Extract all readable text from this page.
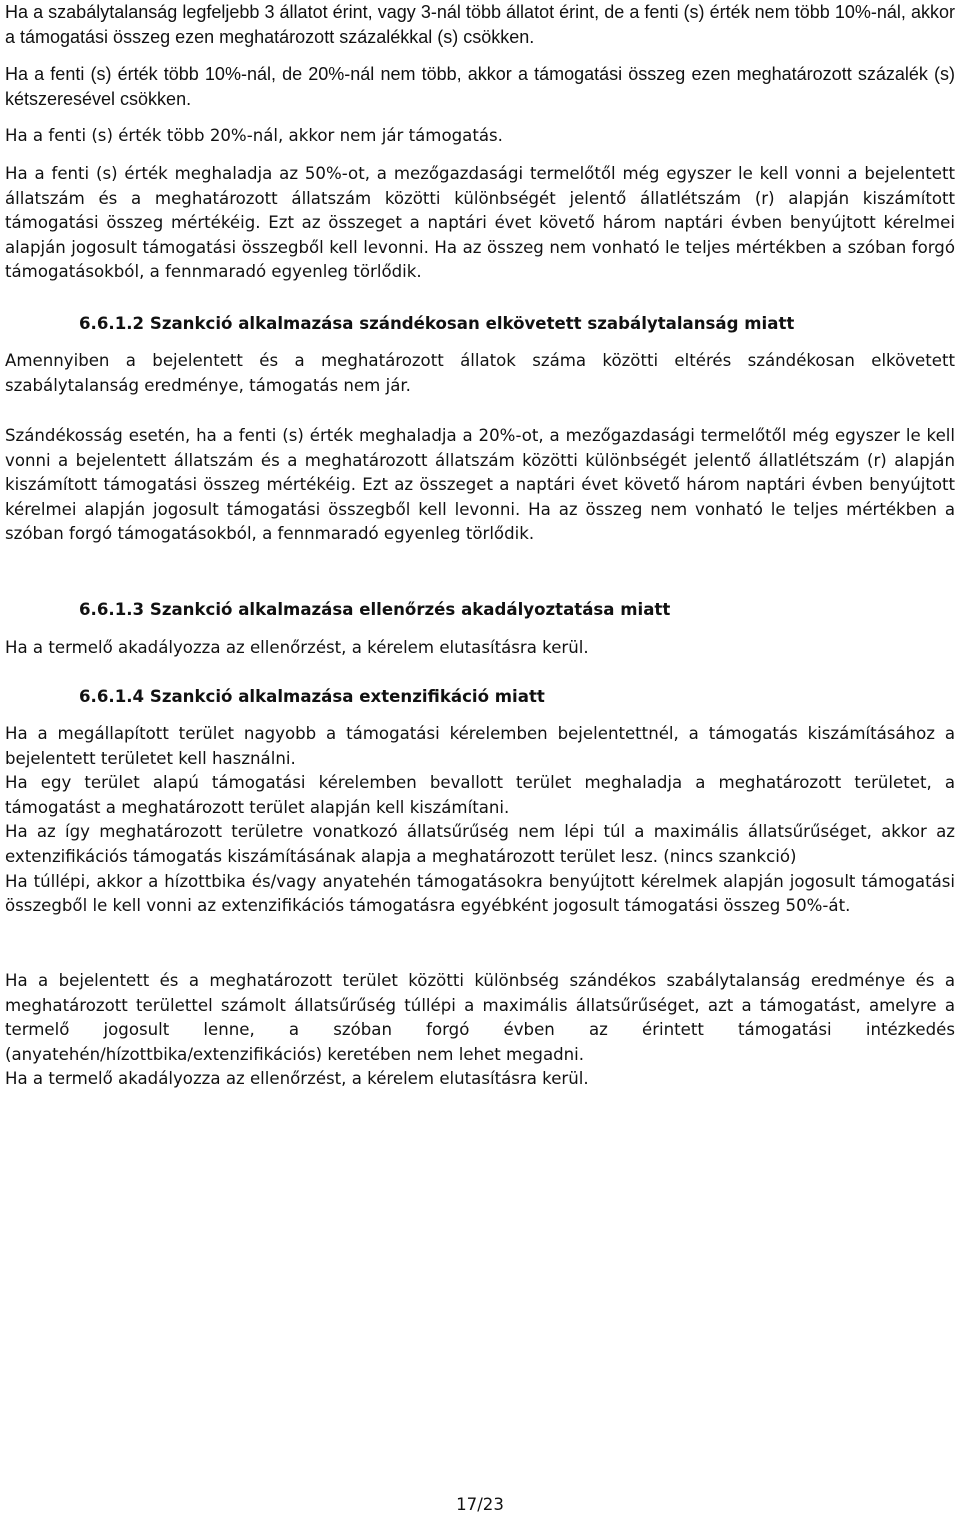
Ha a szabálytalanság legfeljebb 3 állatot érint, vagy 3-nál több állatot érint, de a fenti (s) érték nem több 10%-nál, akkor a támogatási összeg ezen meghatározott százalékkal (s) csökken.

Ha a fenti (s) érték több 10%-nál, de 20%-nál nem több, akkor a támogatási összeg ezen meghatározott százalék (s) kétszeresével csökken.

Ha a fenti (s) érték több 20%-nál, akkor nem jár támogatás.

Ha a fenti (s) érték meghaladja az 50%-ot, a mezőgazdasági termelőtől még egyszer le kell vonni a bejelentett állatszám és a meghatározott állatszám közötti különbségét jelentő állatlétszám (r) alapján kiszámított támogatási összeg mértékéig. Ezt az összeget a naptári évet követő három naptári évben benyújtott kérelmei alapján jogosult támogatási összegből kell levonni. Ha az összeg nem vonható le teljes mértékben a szóban forgó támogatásokból, a fennmaradó egyenleg törlődik.

6.6.1.2 Szankció alkalmazása szándékosan elkövetett szabálytalanság miatt

Amennyiben a bejelentett és a meghatározott állatok száma közötti eltérés szándékosan elkövetett szabálytalanság eredménye, támogatás nem jár.

Szándékosság esetén, ha a fenti (s) érték meghaladja a 20%-ot, a mezőgazdasági termelőtől még egyszer le kell vonni a bejelentett állatszám és a meghatározott állatszám közötti különbségét jelentő állatlétszám (r) alapján kiszámított támogatási összeg mértékéig. Ezt az összeget a naptári évet követő három naptári évben benyújtott kérelmei alapján jogosult támogatási összegből kell levonni. Ha az összeg nem vonható le teljes mértékben a szóban forgó támogatásokból, a fennmaradó egyenleg törlődik.

6.6.1.3 Szankció alkalmazása ellenőrzés akadályoztatása miatt

Ha a termelő akadályozza az ellenőrzést, a kérelem elutasításra kerül.

6.6.1.4 Szankció alkalmazása extenzifikáció miatt

Ha a megállapított terület nagyobb a támogatási kérelemben bejelentettnél, a támogatás kiszámításához a bejelentett területet kell használni.

Ha egy terület alapú támogatási kérelemben bevallott terület meghaladja a meghatározott területet, a támogatást a meghatározott terület alapján kell kiszámítani.

Ha az így meghatározott területre vonatkozó állatsűrűség nem lépi túl a maximális állatsűrűséget, akkor az extenzifikációs támogatás kiszámításának alapja a meghatározott terület lesz. (nincs szankció)

Ha túllépi, akkor a hízottbika és/vagy anyatehén támogatásokra benyújtott kérelmek alapján jogosult támogatási összegből le kell vonni az extenzifikációs támogatásra egyébként jogosult támogatási összeg 50%-át.

Ha a bejelentett és a meghatározott terület közötti különbség szándékos szabálytalanság eredménye és a meghatározott területtel számolt állatsűrűség túllépi a maximális állatsűrűséget, azt a támogatást, amelyre a termelő jogosult lenne, a szóban forgó évben az érintett támogatási intézkedés (anyatehén/hízottbika/extenzifikációs) keretében nem lehet megadni.

Ha a termelő akadályozza az ellenőrzést, a kérelem elutasításra kerül.

17/23
